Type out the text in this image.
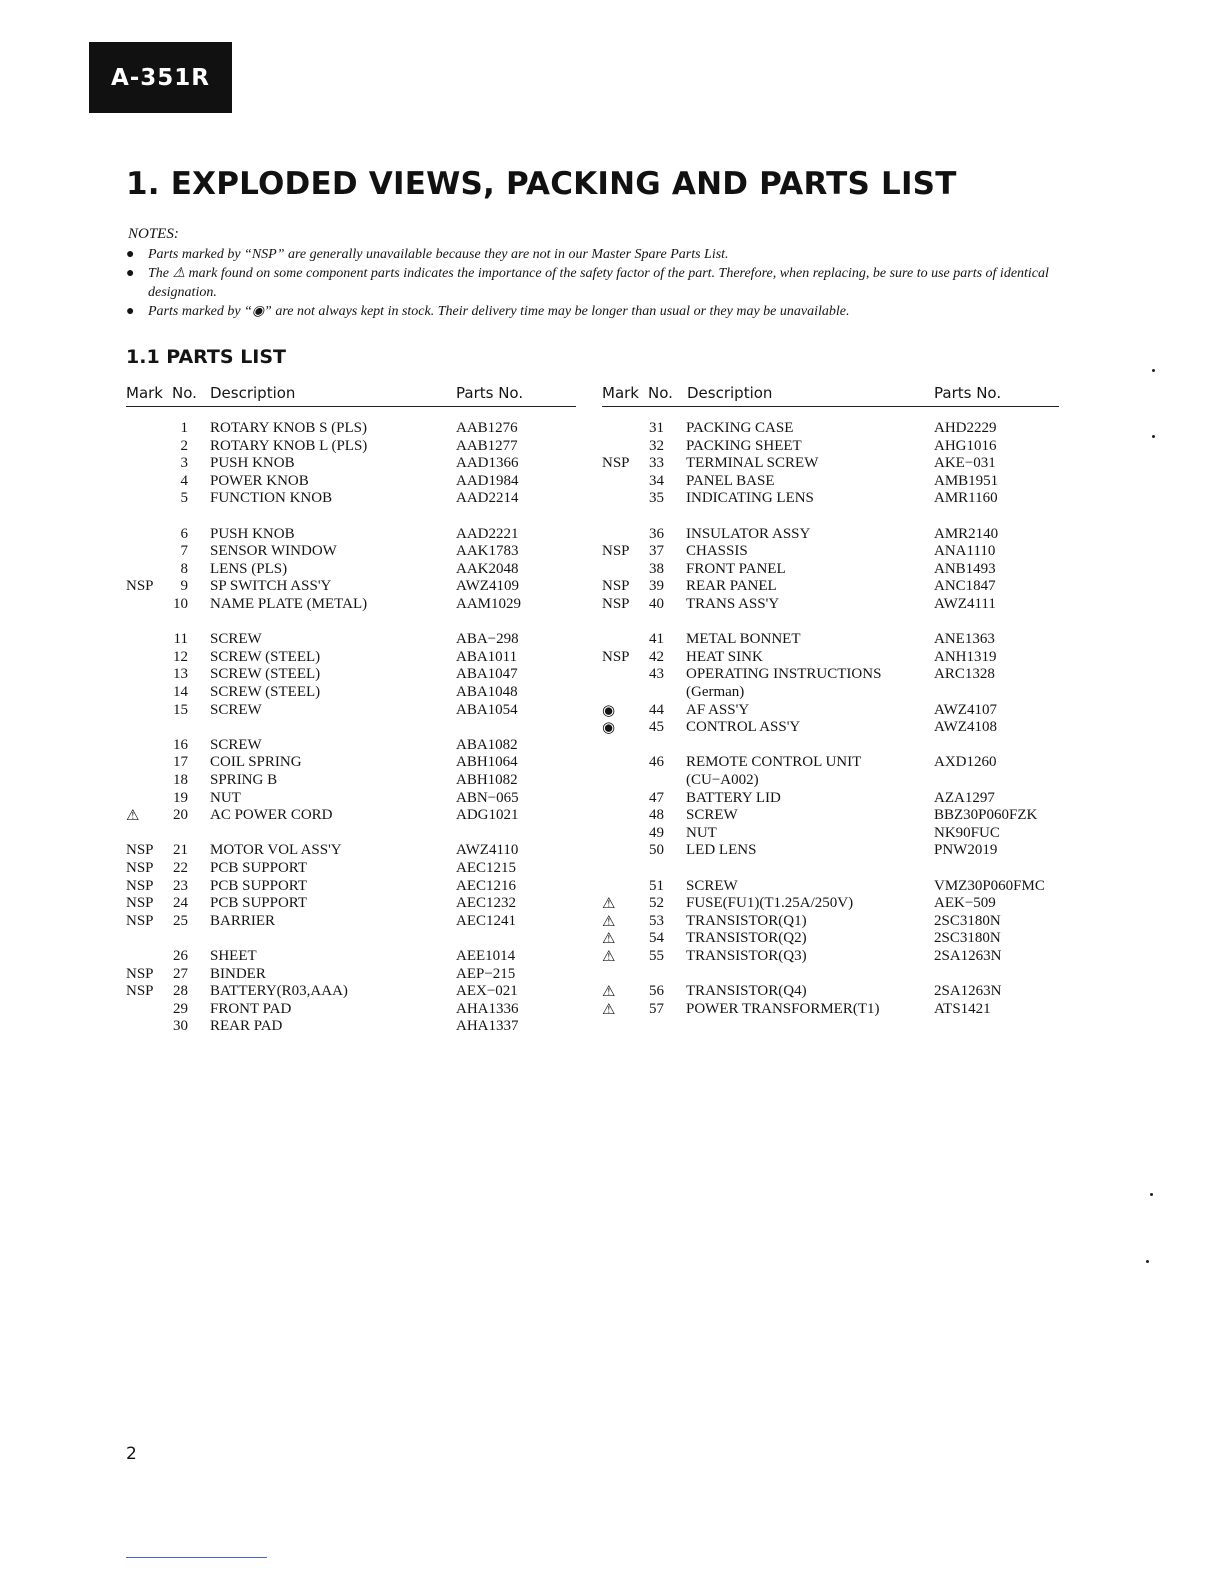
A-351R
1. EXPLODED VIEWS, PACKING AND PARTS LIST
NOTES:
● Parts marked by “NSP” are generally unavailable because they are not in our Master Spare Parts List.
● The ⚠ mark found on some component parts indicates the importance of the safety factor of the part. Therefore, when replacing, be sure to use parts of identical designation.
● Parts marked by “◉” are not always kept in stock. Their delivery time may be longer than usual or they may be unavailable.
1.1 PARTS LIST
Mark No. Description	Parts No.	Mark No. Description	Parts No.
1 ROTARY KNOB S (PLS)	AAB1276
2 ROTARY KNOB L (PLS)	AAB1277
3 PUSH KNOB	AAD1366
4 POWER KNOB	AAD1984
5 FUNCTION KNOB	AAD2214
6 PUSH KNOB	AAD2221
7 SENSOR WINDOW	AAK1783
8 LENS (PLS)	AAK2048
NSP	9 SP SWITCH ASS'Y	AWZ4109
10 NAME PLATE (METAL)	AAM1029
11 SCREW	ABA−298
12 SCREW (STEEL)	ABA1011
13 SCREW (STEEL)	ABA1047
14 SCREW (STEEL)	ABA1048
15 SCREW	ABA1054
16 SCREW	ABA1082
17 COIL SPRING	ABH1064
18 SPRING B	ABH1082
19 NUT	ABN−065
⚠	20 AC POWER CORD	ADG1021
NSP	21 MOTOR VOL ASS'Y	AWZ4110
NSP	22 PCB SUPPORT	AEC1215
NSP	23 PCB SUPPORT	AEC1216
NSP	24 PCB SUPPORT	AEC1232
NSP	25 BARRIER	AEC1241
26 SHEET	AEE1014
NSP	27 BINDER	AEP−215
NSP	28 BATTERY(R03,AAA)	AEX−021
29 FRONT PAD	AHA1336
30 REAR PAD	AHA1337
31 PACKING CASE	AHD2229
32 PACKING SHEET	AHG1016
NSP	33 TERMINAL SCREW	AKE−031
34 PANEL BASE	AMB1951
35 INDICATING LENS	AMR1160
36 INSULATOR ASSY	AMR2140
NSP	37 CHASSIS	ANA1110
38 FRONT PANEL	ANB1493
NSP	39 REAR PANEL	ANC1847
NSP	40 TRANS ASS'Y	AWZ4111
41 METAL BONNET	ANE1363
NSP	42 HEAT SINK	ANH1319
43 OPERATING INSTRUCTIONS	ARC1328
(German)
◉	44 AF ASS'Y	AWZ4107
◉	45 CONTROL ASS'Y	AWZ4108
46 REMOTE CONTROL UNIT	AXD1260
(CU−A002)
47 BATTERY LID	AZA1297
48 SCREW	BBZ30P060FZK
49 NUT	NK90FUC
50 LED LENS	PNW2019
51 SCREW	VMZ30P060FMC
⚠	52 FUSE(FU1)(T1.25A/250V)	AEK−509
⚠	53 TRANSISTOR(Q1)	2SC3180N
⚠	54 TRANSISTOR(Q2)	2SC3180N
⚠	55 TRANSISTOR(Q3)	2SA1263N
⚠	56 TRANSISTOR(Q4)	2SA1263N
⚠	57 POWER TRANSFORMER(T1)	ATS1421
2
